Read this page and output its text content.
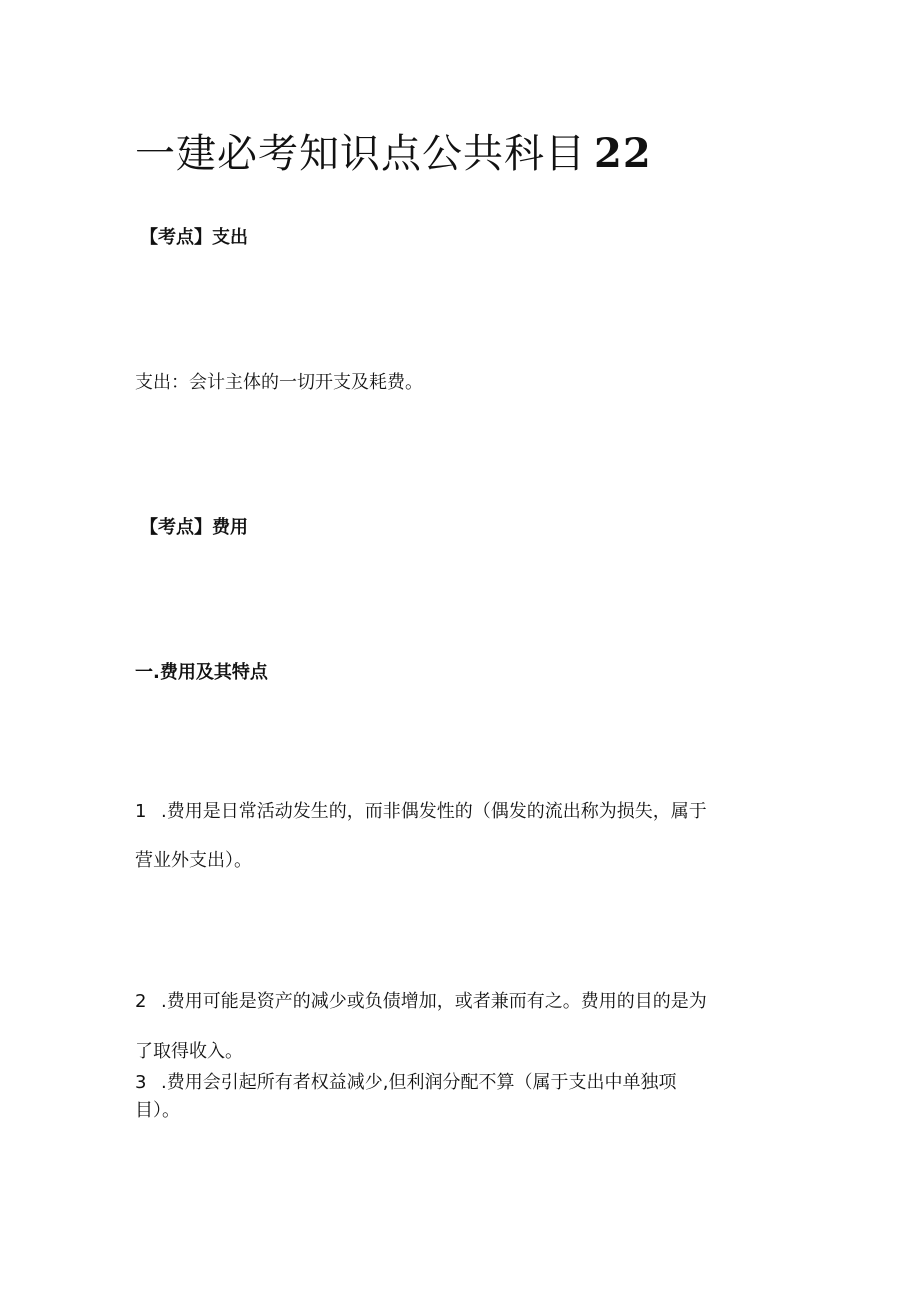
一建必考知识点公共科目 22
【考点】支出
支出：会计主体的一切开支及耗费。
【考点】费用
一.费用及其特点
1 .费用是日常活动发生的，而非偶发性的（偶发的流出称为损失，属于
营业外支出）。
2 .费用可能是资产的减少或负债增加，或者兼而有之。费用的目的是为
了取得收入。
3 .费用会引起所有者权益减少,但利润分配不算（属于支出中单独项
目）。
